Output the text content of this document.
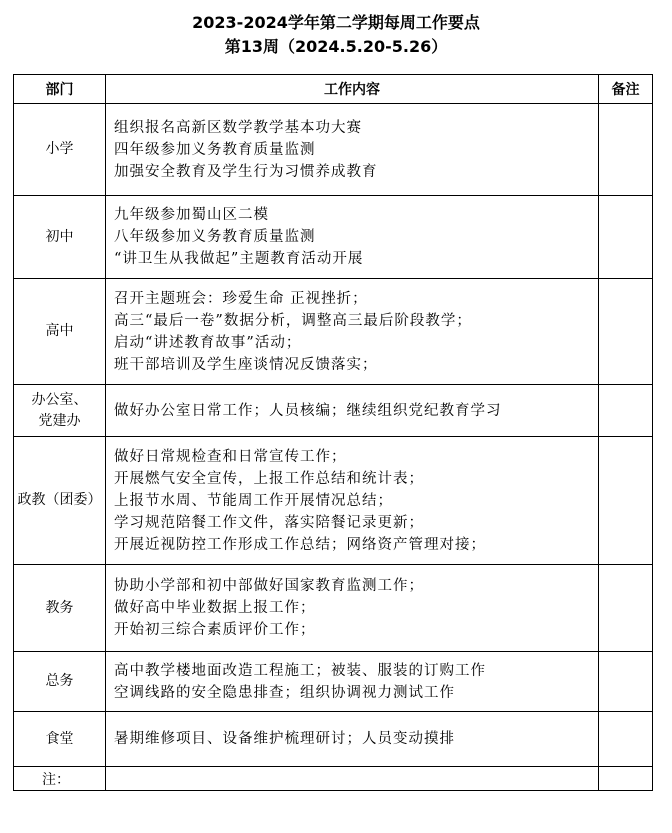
2023-2024学年第二学期每周工作要点
第13周（2024.5.20-5.26）
部门	工作内容	备注

小学	组织报名高新区数学教学基本功大赛
四年级参加义务教育质量监测
加强安全教育及学生行为习惯养成教育	

初中	九年级参加蜀山区二模
八年级参加义务教育质量监测
“讲卫生从我做起”主题教育活动开展	

高中	召开主题班会：珍爱生命 正视挫折；
高三“最后一卷”数据分析，调整高三最后阶段教学；
启动“讲述教育故事”活动；
班干部培训及学生座谈情况反馈落实；	

办公室、
党建办	做好办公室日常工作；人员核编；继续组织党纪教育学习	

政教（团委）	做好日常规检查和日常宣传工作；
开展燃气安全宣传，上报工作总结和统计表；
上报节水周、节能周工作开展情况总结；
学习规范陪餐工作文件，落实陪餐记录更新；
开展近视防控工作形成工作总结；网络资产管理对接；	

教务	协助小学部和初中部做好国家教育监测工作；
做好高中毕业数据上报工作；
开始初三综合素质评价工作；	

总务	高中教学楼地面改造工程施工；被装、服装的订购工作
空调线路的安全隐患排查；组织协调视力测试工作	

食堂	暑期维修项目、设备维护梳理研讨；人员变动摸排	

注：		
